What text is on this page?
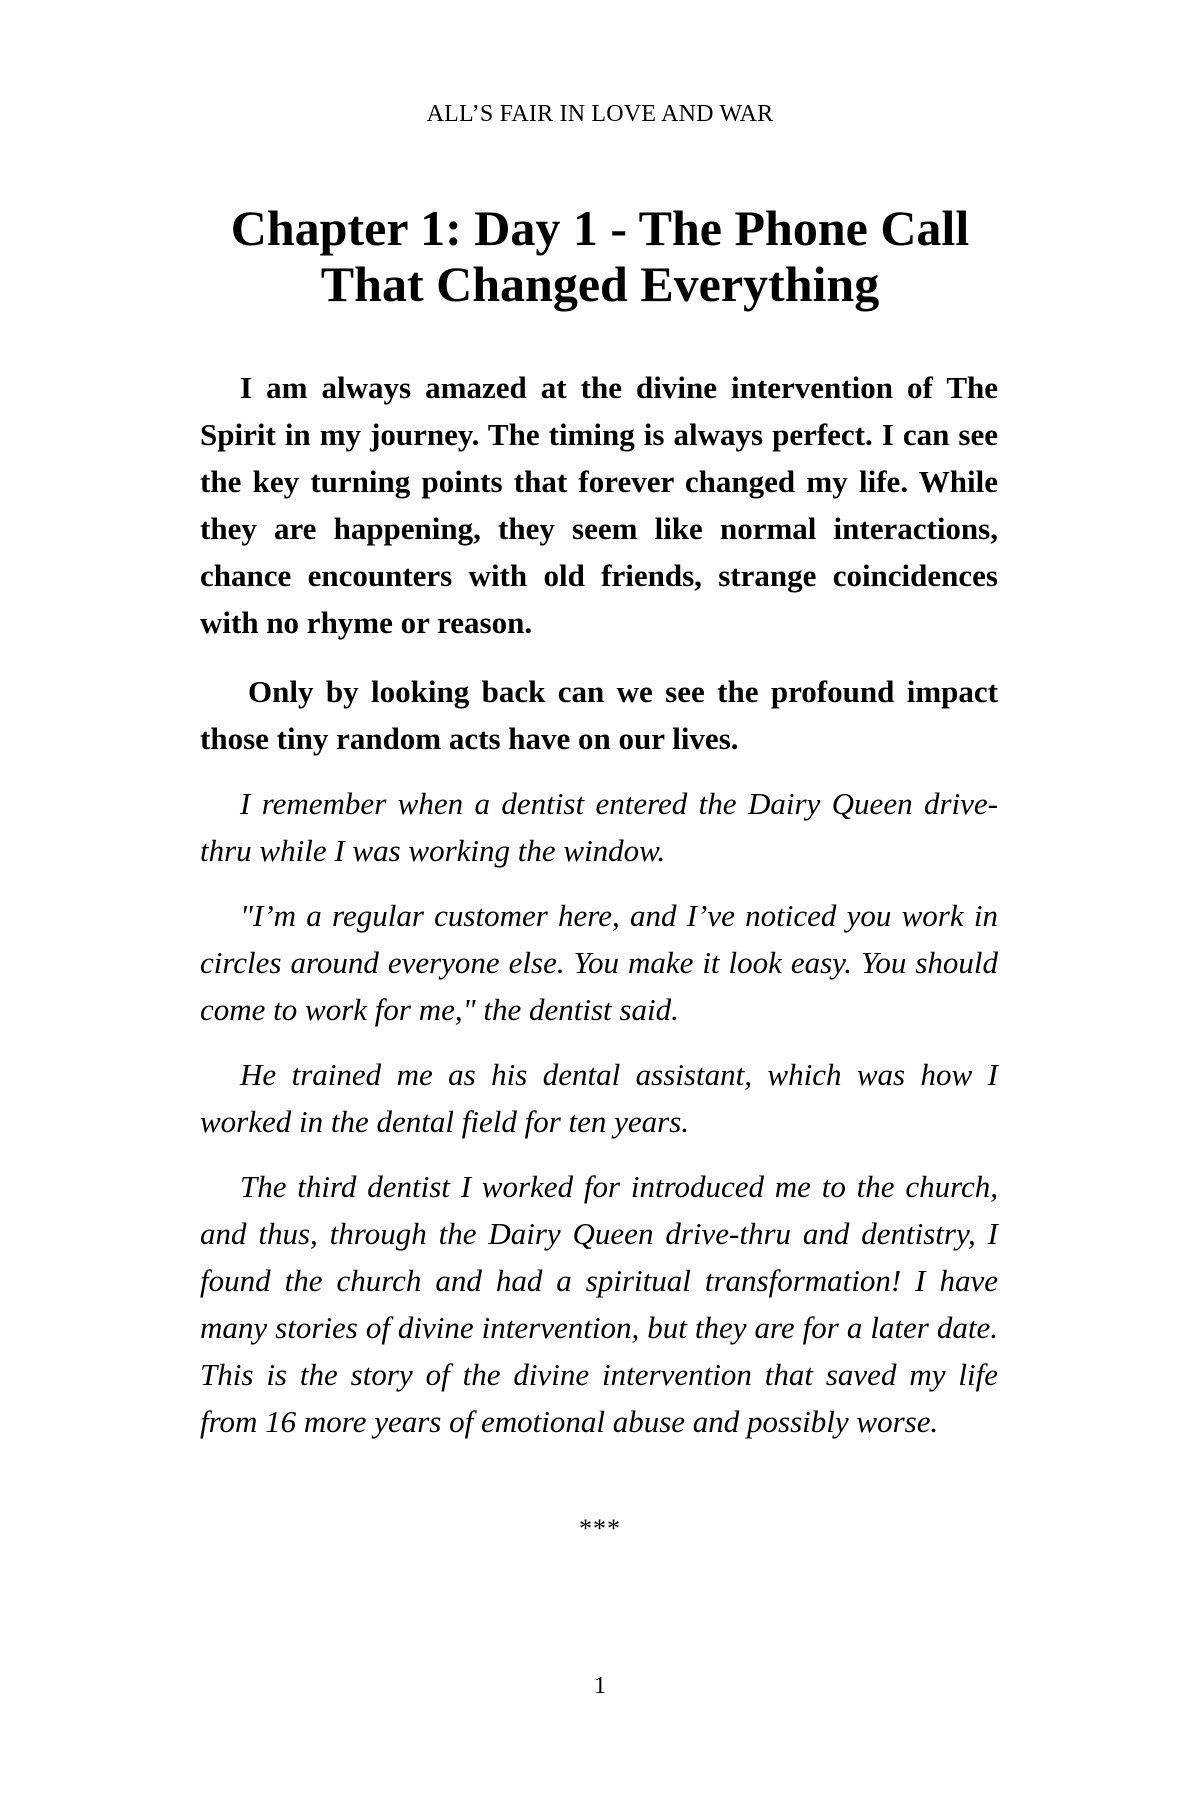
ALL’S FAIR IN LOVE AND WAR
Chapter 1: Day 1 - The Phone Call
That Changed Everything

I am always amazed at the divine intervention of The Spirit in my journey. The timing is always perfect. I can see the key turning points that forever changed my life. While they are happening, they seem like normal interactions, chance encounters with old friends, strange coincidences with no rhyme or reason.

Only by looking back can we see the profound impact those tiny random acts have on our lives.

I remember when a dentist entered the Dairy Queen drive-thru while I was working the window.

"I’m a regular customer here, and I’ve noticed you work in circles around everyone else. You make it look easy. You should come to work for me," the dentist said.

He trained me as his dental assistant, which was how I worked in the dental field for ten years.

The third dentist I worked for introduced me to the church, and thus, through the Dairy Queen drive-thru and dentistry, I found the church and had a spiritual transformation! I have many stories of divine intervention, but they are for a later date. This is the story of the divine intervention that saved my life from 16 more years of emotional abuse and possibly worse.

***
1
